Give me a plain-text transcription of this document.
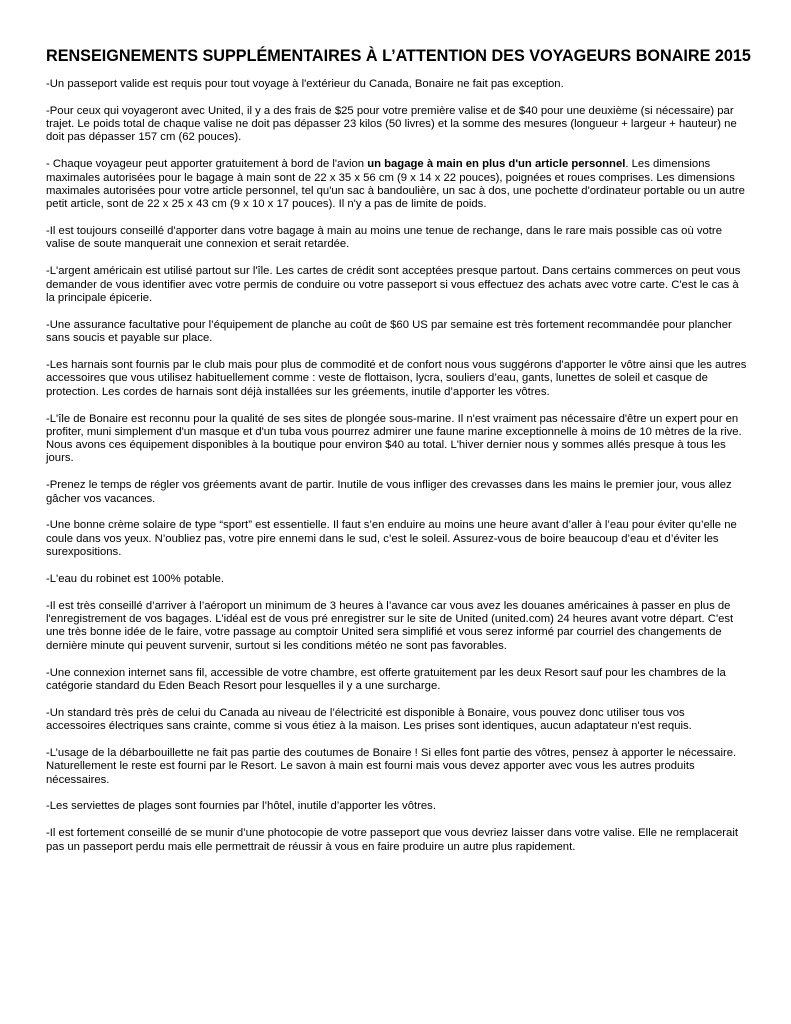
RENSEIGNEMENTS SUPPLÉMENTAIRES À L’ATTENTION DES VOYAGEURS BONAIRE 2015

-Un passeport valide est requis pour tout voyage à l'extérieur du Canada, Bonaire ne fait pas exception.

-Pour ceux qui voyageront avec United, il y a des frais de $25 pour votre première valise et de $40 pour une deuxième (si nécessaire) par trajet. Le poids total de chaque valise ne doit pas dépasser 23 kilos (50 livres) et la somme des mesures (longueur + largeur + hauteur) ne doit pas dépasser 157 cm (62 pouces).

- Chaque voyageur peut apporter gratuitement à bord de l'avion un bagage à main en plus d'un article personnel. Les dimensions maximales autorisées pour le bagage à main sont de 22 x 35 x 56 cm (9 x 14 x 22 pouces), poignées et roues comprises. Les dimensions maximales autorisées pour votre article personnel, tel qu'un sac à bandoulière, un sac à dos, une pochette d'ordinateur portable ou un autre petit article, sont de 22 x 25 x 43 cm (9 x 10 x 17 pouces). Il n'y a pas de limite de poids.

-Il est toujours conseillé d'apporter dans votre bagage à main au moins une tenue de rechange, dans le rare mais possible cas où votre valise de soute manquerait une connexion et serait retardée.

-L'argent américain est utilisé partout sur l'île. Les cartes de crédit sont acceptées presque partout. Dans certains commerces on peut vous demander de vous identifier avec votre permis de conduire ou votre passeport si vous effectuez des achats avec votre carte. C'est le cas à la principale épicerie.

-Une assurance facultative pour l’équipement de planche au coût de $60 US par semaine est très fortement recommandée pour plancher sans soucis et payable sur place.

-Les harnais sont fournis par le club mais pour plus de commodité et de confort nous vous suggérons d'apporter le vôtre ainsi que les autres accessoires que vous utilisez habituellement comme : veste de flottaison, lycra, souliers d’eau, gants, lunettes de soleil et casque de protection. Les cordes de harnais sont déjà installées sur les gréements, inutile d’apporter les vôtres.

-L'île de Bonaire est reconnu pour la qualité de ses sites de plongée sous-marine. Il n'est vraiment pas nécessaire d'être un expert pour en profiter, muni simplement d'un masque et d'un tuba vous pourrez admirer une faune marine exceptionnelle à moins de 10 mètres de la rive. Nous avons ces équipement disponibles à la boutique pour environ $40 au total. L'hiver dernier nous y sommes allés presque à tous les jours.

-Prenez le temps de régler vos gréements avant de partir. Inutile de vous infliger des crevasses dans les mains le premier jour, vous allez gâcher vos vacances.

-Une bonne crème solaire de type “sport” est essentielle. Il faut s’en enduire au moins une heure avant d’aller à l’eau pour éviter qu’elle ne coule dans vos yeux. N’oubliez pas, votre pire ennemi dans le sud, c’est le soleil. Assurez-vous de boire beaucoup d’eau et d’éviter les surexpositions.

-L'eau du robinet est 100% potable.

-Il est très conseillé d’arriver à l’aéroport un minimum de 3 heures à l’avance car vous avez les douanes américaines à passer en plus de l'enregistrement de vos bagages. L'idéal est de vous pré enregistrer sur le site de United (united.com) 24 heures avant votre départ. C'est une très bonne idée de le faire, votre passage au comptoir United sera simplifié et vous serez informé par courriel des changements de dernière minute qui peuvent survenir, surtout si les conditions météo ne sont pas favorables.

-Une connexion internet sans fil, accessible de votre chambre, est offerte gratuitement par les deux Resort sauf pour les chambres de la catégorie standard du Eden Beach Resort pour lesquelles il y a une surcharge.

-Un standard très près de celui du Canada au niveau de l’électricité est disponible à Bonaire, vous pouvez donc utiliser tous vos accessoires électriques sans crainte, comme si vous étiez à la maison. Les prises sont identiques, aucun adaptateur n'est requis.

-L’usage de la débarbouillette ne fait pas partie des coutumes de Bonaire ! Si elles font partie des vôtres, pensez à apporter le nécessaire. Naturellement le reste est fourni par le Resort. Le savon à main est fourni mais vous devez apporter avec vous les autres produits nécessaires.

-Les serviettes de plages sont fournies par l’hôtel, inutile d’apporter les vôtres.

-Il est fortement conseillé de se munir d’une photocopie de votre passeport que vous devriez laisser dans votre valise. Elle ne remplacerait pas un passeport perdu mais elle permettrait de réussir à vous en faire produire un autre plus rapidement.
